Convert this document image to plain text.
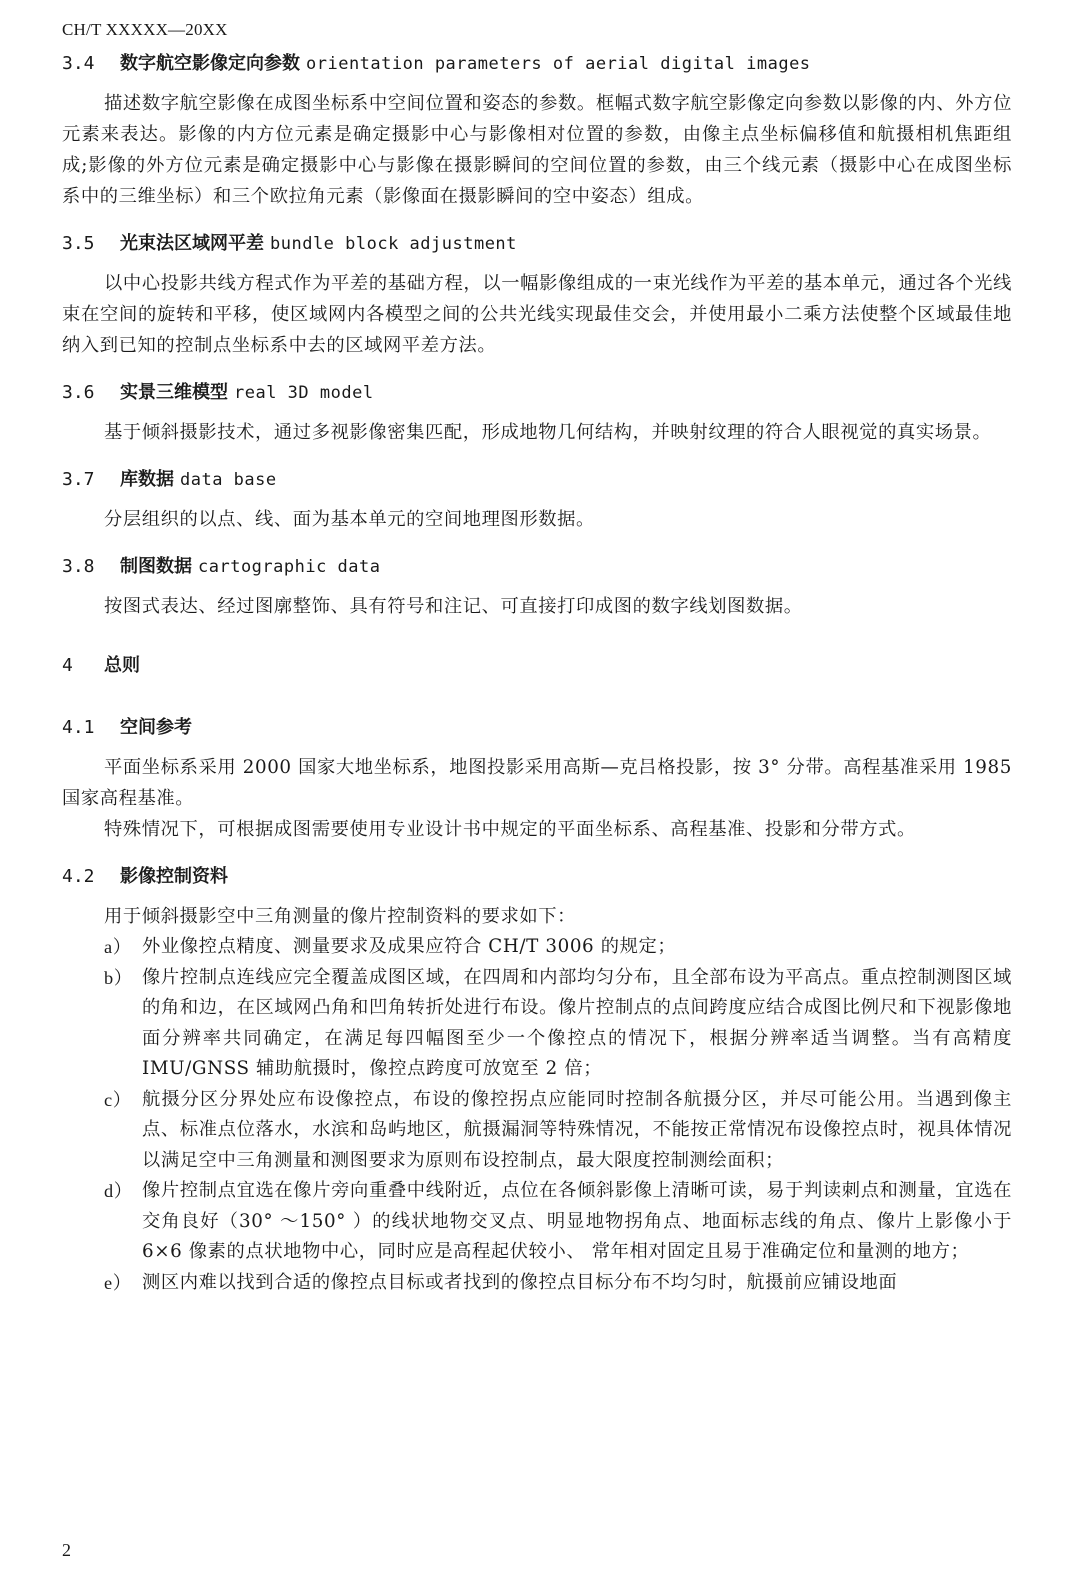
CH/T XXXXX—20XX
3.4 数字航空影像定向参数 orientation parameters of aerial digital images

描述数字航空影像在成图坐标系中空间位置和姿态的参数。框幅式数字航空影像定向参数以影像的内、外方位元素来表达。影像的内方位元素是确定摄影中心与影像相对位置的参数，由像主点坐标偏移值和航摄相机焦距组成;影像的外方位元素是确定摄影中心与影像在摄影瞬间的空间位置的参数，由三个线元素（摄影中心在成图坐标系中的三维坐标）和三个欧拉角元素（影像面在摄影瞬间的空中姿态）组成。

3.5 光束法区域网平差 bundle block adjustment

以中心投影共线方程式作为平差的基础方程，以一幅影像组成的一束光线作为平差的基本单元，通过各个光线束在空间的旋转和平移，使区域网内各模型之间的公共光线实现最佳交会，并使用最小二乘方法使整个区域最佳地纳入到已知的控制点坐标系中去的区域网平差方法。

3.6 实景三维模型 real 3D model

基于倾斜摄影技术，通过多视影像密集匹配，形成地物几何结构，并映射纹理的符合人眼视觉的真实场景。

3.7 库数据 data base

分层组织的以点、线、面为基本单元的空间地理图形数据。

3.8 制图数据 cartographic data

按图式表达、经过图廓整饰、具有符号和注记、可直接打印成图的数字线划图数据。

4 总则
4.1 空间参考

平面坐标系采用 2000 国家大地坐标系，地图投影采用高斯—克吕格投影，按 3° 分带。高程基准采用 1985 国家高程基准。

特殊情况下，可根据成图需要使用专业设计书中规定的平面坐标系、高程基准、投影和分带方式。

4.2 影像控制资料

用于倾斜摄影空中三角测量的像片控制资料的要求如下：

a） 外业像控点精度、测量要求及成果应符合 CH/T 3006 的规定；
b） 像片控制点连线应完全覆盖成图区域，在四周和内部均匀分布，且全部布设为平高点。重点控制测图区域的角和边，在区域网凸角和凹角转折处进行布设。像片控制点的点间跨度应结合成图比例尺和下视影像地面分辨率共同确定，在满足每四幅图至少一个像控点的情况下，根据分辨率适当调整。当有高精度 IMU/GNSS 辅助航摄时，像控点跨度可放宽至 2 倍；
c） 航摄分区分界处应布设像控点，布设的像控拐点应能同时控制各航摄分区，并尽可能公用。当遇到像主点、标准点位落水，水滨和岛屿地区，航摄漏洞等特殊情况，不能按正常情况布设像控点时，视具体情况以满足空中三角测量和测图要求为原则布设控制点，最大限度控制测绘面积；
d） 像片控制点宜选在像片旁向重叠中线附近，点位在各倾斜影像上清晰可读，易于判读刺点和测量，宜选在交角良好（30° ～150° ）的线状地物交叉点、明显地物拐角点、地面标志线的角点、像片上影像小于 6×6 像素的点状地物中心，同时应是高程起伏较小、 常年相对固定且易于准确定位和量测的地方；
e） 测区内难以找到合适的像控点目标或者找到的像控点目标分布不均匀时，航摄前应铺设地面
2
